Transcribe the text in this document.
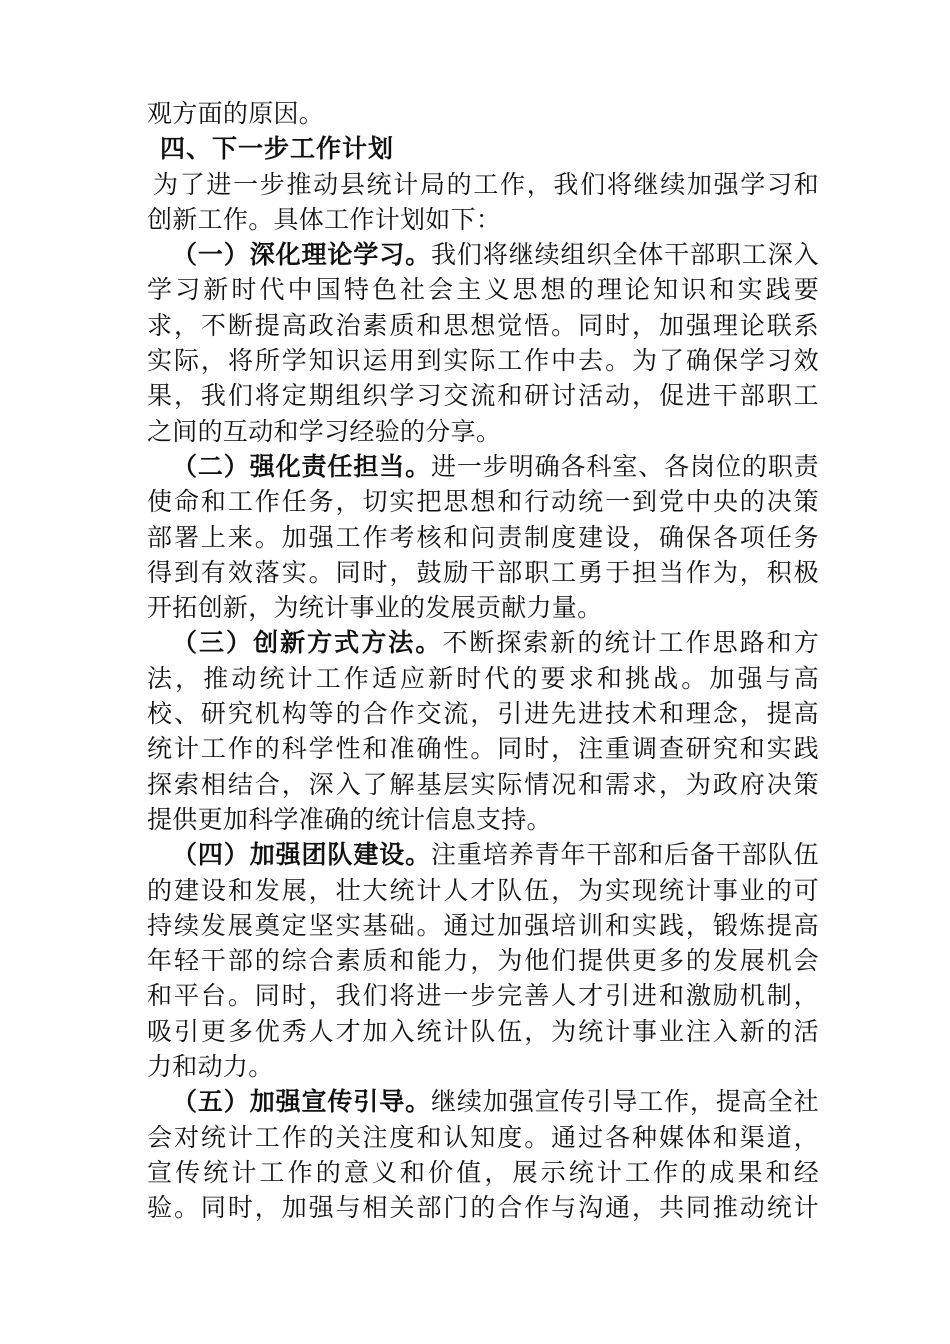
观方面的原因。
四、下一步工作计划
为了进一步推动县统计局的工作，我们将继续加强学习和
创新工作。具体工作计划如下：
（一）深化理论学习。我们将继续组织全体干部职工深入
学习新时代中国特色社会主义思想的理论知识和实践要
求，不断提高政治素质和思想觉悟。同时，加强理论联系
实际，将所学知识运用到实际工作中去。为了确保学习效
果，我们将定期组织学习交流和研讨活动，促进干部职工
之间的互动和学习经验的分享。
（二）强化责任担当。进一步明确各科室、各岗位的职责
使命和工作任务，切实把思想和行动统一到党中央的决策
部署上来。加强工作考核和问责制度建设，确保各项任务
得到有效落实。同时，鼓励干部职工勇于担当作为，积极
开拓创新，为统计事业的发展贡献力量。
（三）创新方式方法。不断探索新的统计工作思路和方
法，推动统计工作适应新时代的要求和挑战。加强与高
校、研究机构等的合作交流，引进先进技术和理念，提高
统计工作的科学性和准确性。同时，注重调查研究和实践
探索相结合，深入了解基层实际情况和需求，为政府决策
提供更加科学准确的统计信息支持。
（四）加强团队建设。注重培养青年干部和后备干部队伍
的建设和发展，壮大统计人才队伍，为实现统计事业的可
持续发展奠定坚实基础。通过加强培训和实践，锻炼提高
年轻干部的综合素质和能力，为他们提供更多的发展机会
和平台。同时，我们将进一步完善人才引进和激励机制，
吸引更多优秀人才加入统计队伍，为统计事业注入新的活
力和动力。
（五）加强宣传引导。继续加强宣传引导工作，提高全社
会对统计工作的关注度和认知度。通过各种媒体和渠道，
宣传统计工作的意义和价值，展示统计工作的成果和经
验。同时，加强与相关部门的合作与沟通，共同推动统计
